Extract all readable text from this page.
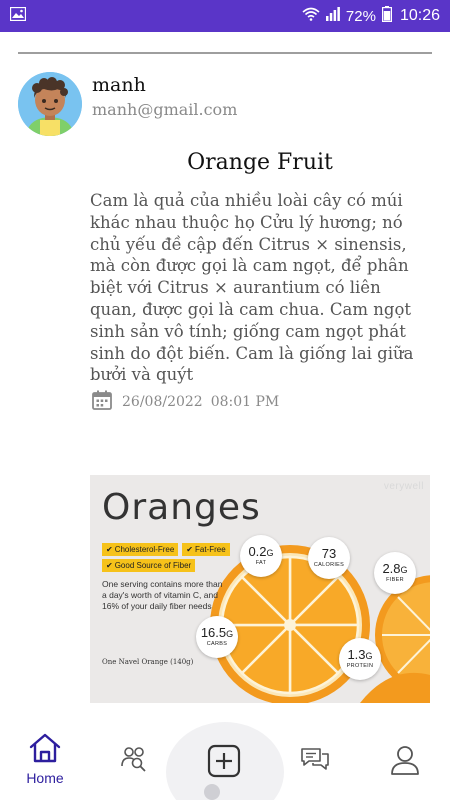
72% 10:26
manh
manh@gmail.com
Orange Fruit
Cam là quả của nhiều loài cây có múi khác nhau thuộc họ Cửu lý hương; nó chủ yếu đề cập đến Citrus × sinensis, mà còn được gọi là cam ngọt, để phân biệt với Citrus × aurantium có liên quan, được gọi là cam chua. Cam ngọt sinh sản vô tính; giống cam ngọt phát sinh do đột biến. Cam là giống lai giữa bưởi và quýt
26/08/2022 08:01 PM
verywell
Oranges
✔ Cholesterol-Free ✔ Fat-Free
✔ Good Source of Fiber
One serving contains more than a day's worth of vitamin C, and 16% of your daily fiber needs
One Navel Orange (140g)
0.2G
FAT
73
CALORIES	2.8G
FIBER
16.5G
CARBS
1.3G
PROTEIN
Home
